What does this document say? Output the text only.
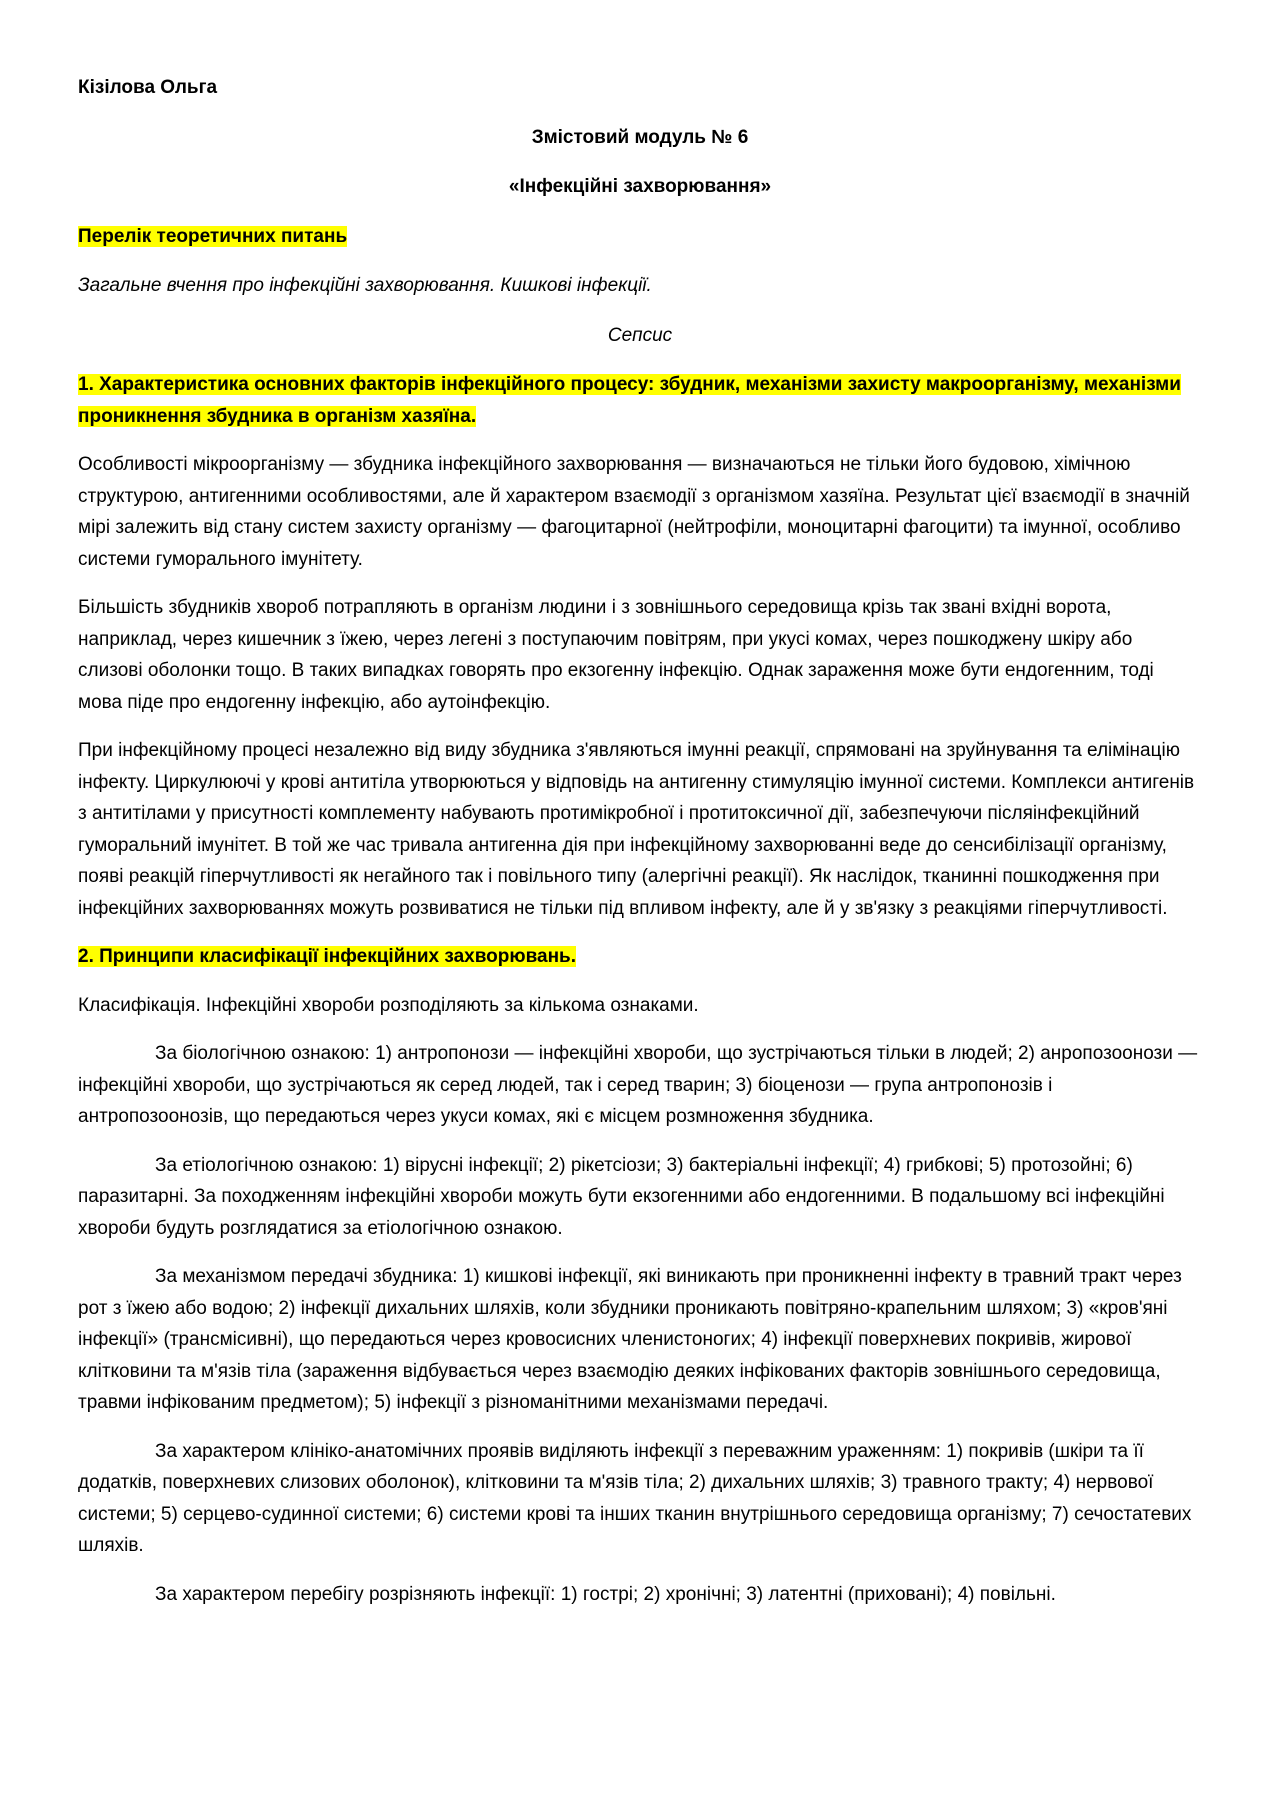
Кізілова Ольга

Змістовий модуль № 6

«Інфекційні захворювання»

Перелік теоретичних питань

Загальне вчення про інфекційні захворювання. Кишкові інфекції.

Сепсис

1. Характеристика основних факторів інфекційного процесу: збудник, механізми захисту макроорганізму, механізми проникнення збудника в організм хазяїна.

Особливості мікроорганізму — збудника інфекційного захворювання — визначаються не тільки його будовою, хімічною структурою, антигенними особливостями, але й характером взаємодії з організмом хазяїна. Результат цієї взаємодії в значній мірі залежить від стану систем захисту організму — фагоцитарної (нейтрофіли, моноцитарні фагоцити) та імунної, особливо системи гуморального імунітету.

Більшість збудників хвороб потрапляють в організм людини і з зовнішнього середовища крізь так звані вхідні ворота, наприклад, через кишечник з їжею, через легені з поступаючим повітрям, при укусі комах, через пошкоджену шкіру або слизові оболонки тощо. В таких випадках говорять про екзогенну інфекцію. Однак зараження може бути ендогенним, тоді мова піде про ендогенну інфекцію, або аутоінфекцію.

При інфекційному процесі незалежно від виду збудника з'являються імунні реакції, спрямовані на зруйнування та елімінацію інфекту. Циркулюючі у крові антитіла утворюються у відповідь на антигенну стимуляцію імунної системи. Комплекси антигенів з антитілами у присутності комплементу набувають протимікробної і протитоксичної дії, забезпечуючи післяінфекційний гуморальний імунітет. В той же час тривала антигенна дія при інфекційному захворюванні веде до сенсибілізації організму, появі реакцій гіперчутливості як негайного так і повільного типу (алергічні реакції). Як наслідок, тканинні пошкодження при інфекційних захворюваннях можуть розвиватися не тільки під впливом інфекту, але й у зв'язку з реакціями гіперчутливості.

2. Принципи класифікації інфекційних захворювань.

Класифікація. Інфекційні хвороби розподіляють за кількома ознаками.

За біологічною ознакою: 1) антропонози — інфекційні хвороби, що зустрічаються тільки в людей; 2) анропозоонози — інфекційні хвороби, що зустрічаються як серед людей, так і серед тварин; 3) біоценози — група антропонозів і антропозоонозів, що передаються через укуси комах, які є місцем розмноження збудника.

За етіологічною ознакою: 1) вірусні інфекції; 2) рікетсіози; 3) бактеріальні інфекції; 4) грибкові; 5) протозойні; 6) паразитарні. За походженням інфекційні хвороби можуть бути екзогенними або ендогенними. В подальшому всі інфекційні хвороби будуть розглядатися за етіологічною ознакою.

За механізмом передачі збудника: 1) кишкові інфекції, які виникають при проникненні інфекту в травний тракт через рот з їжею або водою; 2) інфекції дихальних шляхів, коли збудники проникають повітряно-крапельним шляхом; 3) «кров'яні інфекції» (трансмісивні), що передаються через кровосисних членистоногих; 4) інфекції поверхневих покривів, жирової клітковини та м'язів тіла (зараження відбувається через взаємодію деяких інфікованих факторів зовнішнього середовища, травми інфікованим предметом); 5) інфекції з різноманітними механізмами передачі.

За характером клініко-анатомічних проявів виділяють інфекції з переважним ураженням: 1) покривів (шкіри та її додатків, поверхневих слизових оболонок), клітковини та м'язів тіла; 2) дихальних шляхів; 3) травного тракту; 4) нервової системи; 5) серцево-судинної системи; 6) системи крові та інших тканин внутрішнього середовища організму; 7) сечостатевих шляхів.

За характером перебігу розрізняють інфекції: 1) гострі; 2) хронічні; 3) латентні (приховані); 4) повільні.
